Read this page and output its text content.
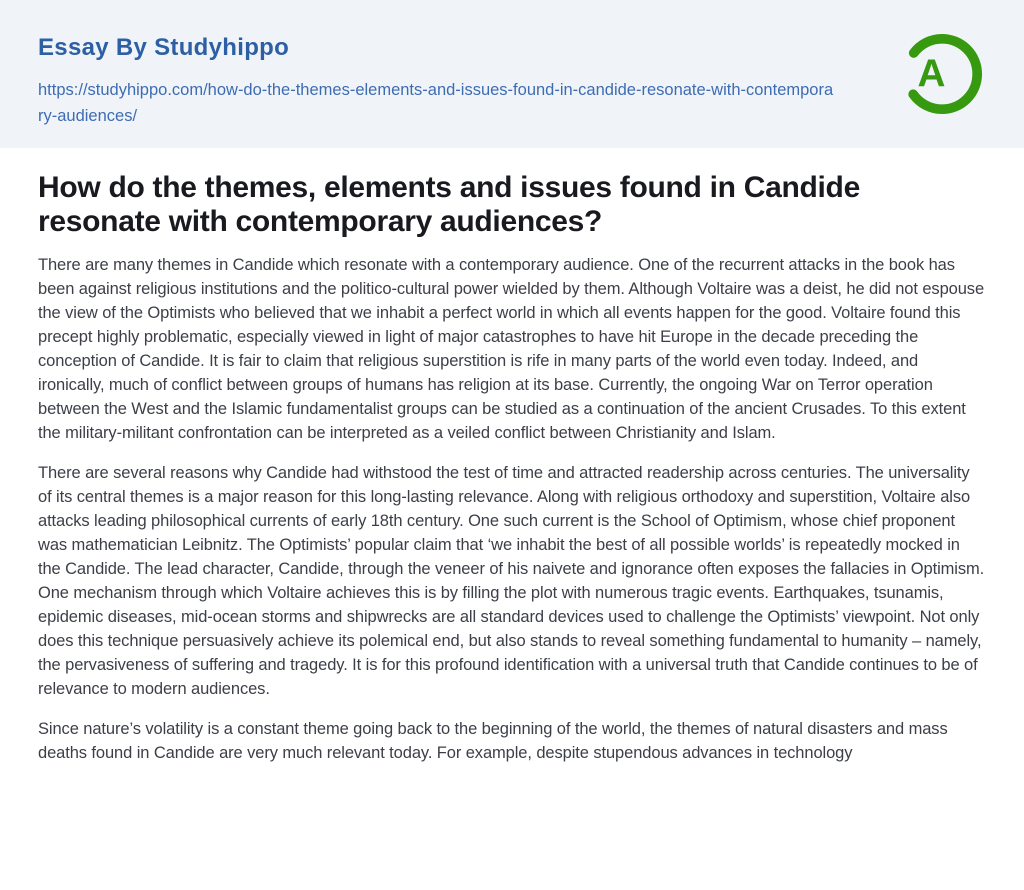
Essay By Studyhippo
https://studyhippo.com/how-do-the-themes-elements-and-issues-found-in-candide-resonate-with-contemporary-audiences/
A
How do the themes, elements and issues found in Candide resonate with contemporary audiences?

There are many themes in Candide which resonate with a contemporary audience. One of the recurrent attacks in the book has been against religious institutions and the politico-cultural power wielded by them. Although Voltaire was a deist, he did not espouse the view of the Optimists who believed that we inhabit a perfect world in which all events happen for the good. Voltaire found this precept highly problematic, especially viewed in light of major catastrophes to have hit Europe in the decade preceding the conception of Candide. It is fair to claim that religious superstition is rife in many parts of the world even today. Indeed, and ironically, much of conflict between groups of humans has religion at its base. Currently, the ongoing War on Terror operation between the West and the Islamic fundamentalist groups can be studied as a continuation of the ancient Crusades. To this extent the military-militant confrontation can be interpreted as a veiled conflict between Christianity and Islam.

There are several reasons why Candide had withstood the test of time and attracted readership across centuries. The universality of its central themes is a major reason for this long-lasting relevance. Along with religious orthodoxy and superstition, Voltaire also attacks leading philosophical currents of early 18th century. One such current is the School of Optimism, whose chief proponent was mathematician Leibnitz. The Optimists’ popular claim that ‘we inhabit the best of all possible worlds’ is repeatedly mocked in the Candide. The lead character, Candide, through the veneer of his naivete and ignorance often exposes the fallacies in Optimism. One mechanism through which Voltaire achieves this is by filling the plot with numerous tragic events. Earthquakes, tsunamis, epidemic diseases, mid-ocean storms and shipwrecks are all standard devices used to challenge the Optimists’ viewpoint. Not only does this technique persuasively achieve its polemical end, but also stands to reveal something fundamental to humanity – namely, the pervasiveness of suffering and tragedy. It is for this profound identification with a universal truth that Candide continues to be of relevance to modern audiences.

Since nature’s volatility is a constant theme going back to the beginning of the world, the themes of natural disasters and mass deaths found in Candide are very much relevant today. For example, despite stupendous advances in technology
